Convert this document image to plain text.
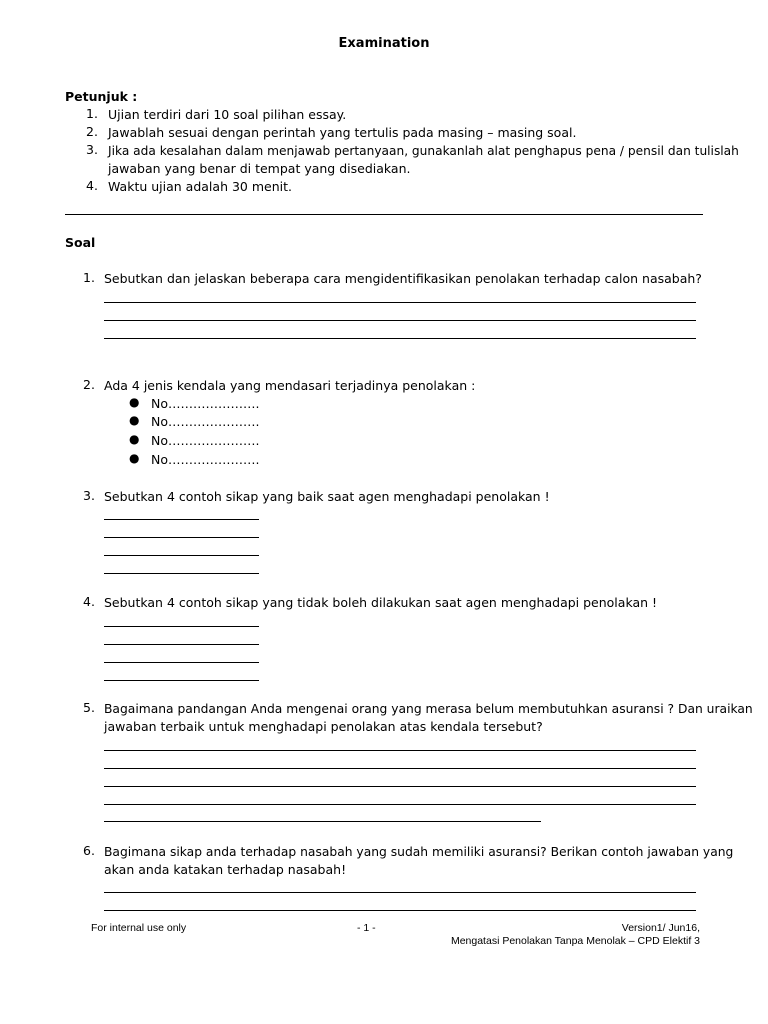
Examination
Petunjuk :
1. Ujian terdiri dari 10 soal pilihan essay.
2. Jawablah sesuai dengan perintah yang tertulis pada masing – masing soal.
3. Jika ada kesalahan dalam menjawab pertanyaan, gunakanlah alat penghapus pena / pensil dan tulislah
jawaban yang benar di tempat yang disediakan.
4. Waktu ujian adalah 30 menit.
Soal
1. Sebutkan dan jelaskan beberapa cara mengidentifikasikan penolakan terhadap calon nasabah?
2. Ada 4 jenis kendala yang mendasari terjadinya penolakan :
● No………………….
● No………………….
● No………………….
● No………………….
3. Sebutkan 4 contoh sikap yang baik saat agen menghadapi penolakan !
4. Sebutkan 4 contoh sikap yang tidak boleh dilakukan saat agen menghadapi penolakan !
5. Bagaimana pandangan Anda mengenai orang yang merasa belum membutuhkan asuransi ? Dan uraikan
jawaban terbaik untuk menghadapi penolakan atas kendala tersebut?
6. Bagimana sikap anda terhadap nasabah yang sudah memiliki asuransi? Berikan contoh jawaban yang
akan anda katakan terhadap nasabah!
For internal use only	- 1 -	Version1/ Jun16,
Mengatasi Penolakan Tanpa Menolak – CPD Elektif 3
